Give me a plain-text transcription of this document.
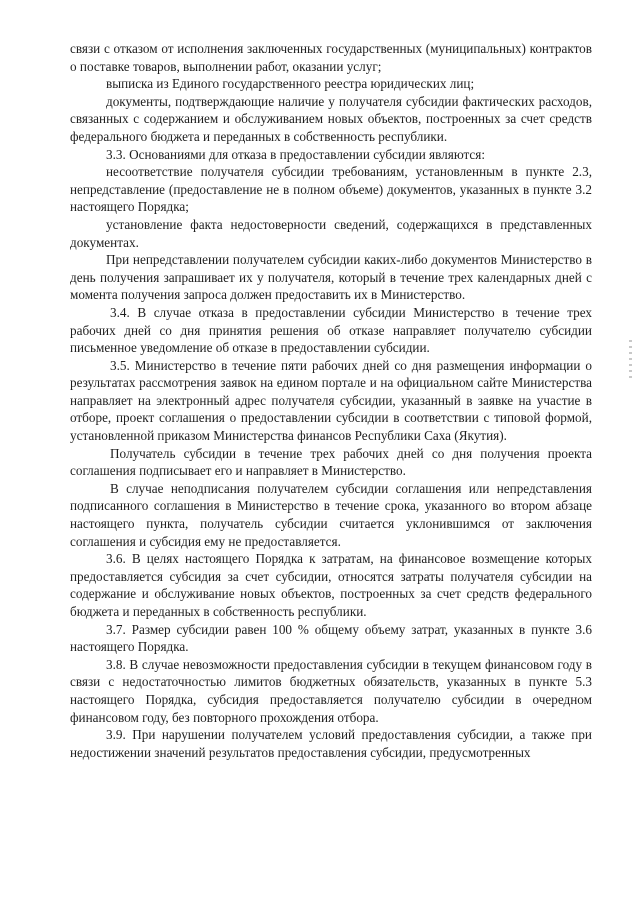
связи с отказом от исполнения заключенных государственных (муниципальных) контрактов о поставке товаров, выполнении работ, оказании услуг;

выписка из Единого государственного реестра юридических лиц;

документы, подтверждающие наличие у получателя субсидии фактических расходов, связанных с содержанием и обслуживанием новых объектов, построенных за счет средств федерального бюджета и переданных в собственность республики.

3.3. Основаниями для отказа в предоставлении субсидии являются:

несоответствие получателя субсидии требованиям, установленным в пункте 2.3, непредставление (предоставление не в полном объеме) документов, указанных в пункте 3.2 настоящего Порядка;

установление факта недостоверности сведений, содержащихся в представленных документах.

При непредставлении получателем субсидии каких-либо документов Министерство в день получения запрашивает их у получателя, который в течение трех календарных дней с момента получения запроса должен предоставить их в Министерство.

3.4. В случае отказа в предоставлении субсидии Министерство в течение трех рабочих дней со дня принятия решения об отказе направляет получателю субсидии письменное уведомление об отказе в предоставлении субсидии.

3.5. Министерство в течение пяти рабочих дней со дня размещения информации о результатах рассмотрения заявок на едином портале и на официальном сайте Министерства направляет на электронный адрес получателя субсидии, указанный в заявке на участие в отборе, проект соглашения о предоставлении субсидии в соответствии с типовой формой, установленной приказом Министерства финансов Республики Саха (Якутия).

Получатель субсидии в течение трех рабочих дней со дня получения проекта соглашения подписывает его и направляет в Министерство.

В случае неподписания получателем субсидии соглашения или непредставления подписанного соглашения в Министерство в течение срока, указанного во втором абзаце настоящего пункта, получатель субсидии считается уклонившимся от заключения соглашения и субсидия ему не предоставляется.

3.6. В целях настоящего Порядка к затратам, на финансовое возмещение которых предоставляется субсидия за счет субсидии, относятся затраты получателя субсидии на содержание и обслуживание новых объектов, построенных за счет средств федерального бюджета и переданных в собственность республики.

3.7. Размер субсидии равен 100 % общему объему затрат, указанных в пункте 3.6 настоящего Порядка.

3.8. В случае невозможности предоставления субсидии в текущем финансовом году в связи с недостаточностью лимитов бюджетных обязательств, указанных в пункте 5.3 настоящего Порядка, субсидия предоставляется получателю субсидии в очередном финансовом году, без повторного прохождения отбора.

3.9. При нарушении получателем условий предоставления субсидии, а также при недостижении значений результатов предоставления субсидии, предусмотренных
